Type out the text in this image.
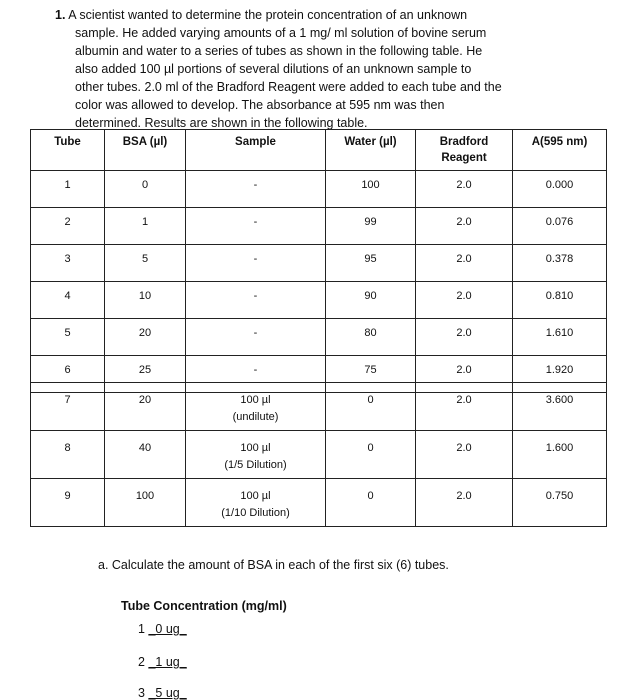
1. A scientist wanted to determine the protein concentration of an unknown
sample. He added varying amounts of a 1 mg/ ml solution of bovine serum
albumin and water to a series of tubes as shown in the following table. He
also added 100 µl portions of several dilutions of an unknown sample to
other tubes. 2.0 ml of the Bradford Reagent were added to each tube and the
color was allowed to develop. The absorbance at 595 nm was then
determined. Results are shown in the following table.
Tube	BSA (µl)	Sample	Water (µl)	Bradford Reagent	A(595 nm)
1	0	-	100	2.0	0.000
2	1	-	99	2.0	0.076
3	5	-	95	2.0	0.378
4	10	-	90	2.0	0.810
5	20	-	80	2.0	1.610
6	25	-	75	2.0	1.920
7	20	100 µl
(undilute)	0	2.0	3.600
8	40	100 µl
(1/5 Dilution)	0	2.0	1.600
9	100	100 µl
(1/10 Dilution)	0	2.0	0.750
a. Calculate the amount of BSA in each of the first six (6) tubes.
Tube Concentration (mg/ml)
1 _0 ug_
2 _1 ug_
3 _5 ug_
